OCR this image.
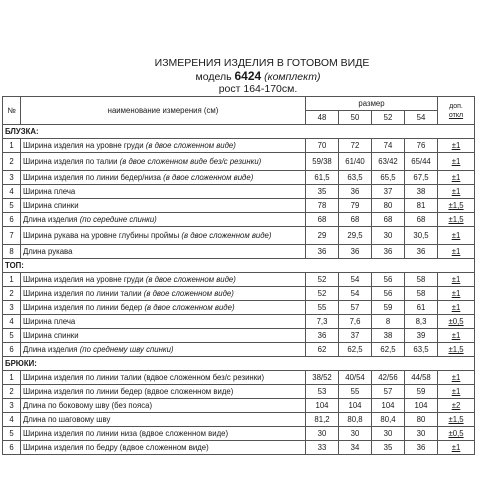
ИЗМЕРЕНИЯ ИЗДЕЛИЯ В ГОТОВОМ ВИДЕ
модель 6424 (комплект)
рост 164-170см.
№	наименование измерения (см)	размер				доп.
откл

		48	50	52	54	
БЛУЗКА:						
1	Ширина изделия на уровне груди (в двое сложенном виде)	70	72	74	76	±1
2	Ширина изделия по талии (в двое сложенном виде без/с резинки)	59/38	61/40	63/42	65/44	±1
3	Ширина изделия по линии бедер/низа (в двое сложенном виде)	61,5	63,5	65,5	67,5	±1
4	Ширина плеча	35	36	37	38	±1
5	Ширина спинки	78	79	80	81	±1,5
6	Длина изделия (по середине спинки)	68	68	68	68	±1,5
7	Ширина рукава на уровне глубины проймы (в двое сложенном виде)	29	29,5	30	30,5	±1
8	Длина рукава	36	36	36	36	±1
ТОП:						
1	Ширина изделия на уровне груди (в двое сложенном виде)	52	54	56	58	±1
2	Ширина изделия по линии талии (в двое сложенном виде)	52	54	56	58	±1
3	Ширина изделия по линии бедер (в двое сложенном виде)	55	57	59	61	±1
4	Ширина плеча	7,3	7,6	8	8,3	±0,5
5	Ширина спинки	36	37	38	39	±1
6	Длина изделия (по среднему шву спинки)	62	62,5	62,5	63,5	±1,5
БРЮКИ:						
1	Ширина изделия по линии талии (вдвое сложенном без/с резинки)	38/52	40/54	42/56	44/58	±1
2	Ширина изделия по линии бедер (вдвое сложенном виде)	53	55	57	59	±1
3	Длина по боковому шву (без пояса)	104	104	104	104	±2
4	Длина по шаговому шву	81,2	80,8	80,4	80	±1,5
5	Ширина изделия по линии низа (вдвое сложенном виде)	30	30	30	30	±0,5
6	Ширина изделия по бедру (вдвое сложенном виде)	33	34	35	36	±1
